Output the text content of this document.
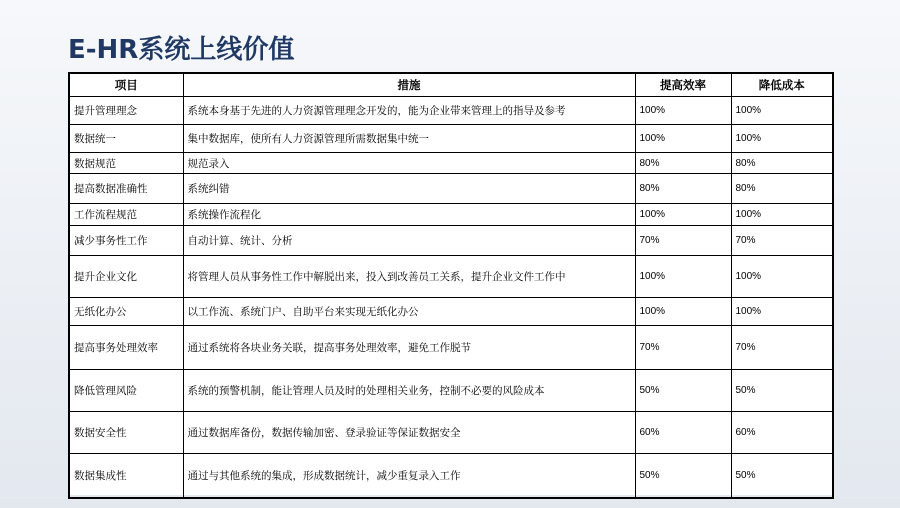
E-HR系统上线价值
项目	措施	提高效率	降低成本
提升管理理念	系统本身基于先进的人力资源管理理念开发的，能为企业带来管理上的指导及参考	100%	100%
数据统一	集中数据库，使所有人力资源管理所需数据集中统一	100%	100%
数据规范	规范录入	80%	80%
提高数据准确性	系统纠错	80%	80%
工作流程规范	系统操作流程化	100%	100%
减少事务性工作	自动计算、统计、分析	70%	70%
提升企业文化	将管理人员从事务性工作中解脱出来，投入到改善员工关系，提升企业文件工作中	100%	100%
无纸化办公	以工作流、系统门户、自助平台来实现无纸化办公	100%	100%
提高事务处理效率	通过系统将各块业务关联，提高事务处理效率，避免工作脱节	70%	70%
降低管理风险	系统的预警机制，能让管理人员及时的处理相关业务，控制不必要的风险成本	50%	50%
数据安全性	通过数据库备份，数据传输加密、登录验证等保证数据安全	60%	60%
数据集成性	通过与其他系统的集成，形成数据统计，减少重复录入工作	50%	50%
